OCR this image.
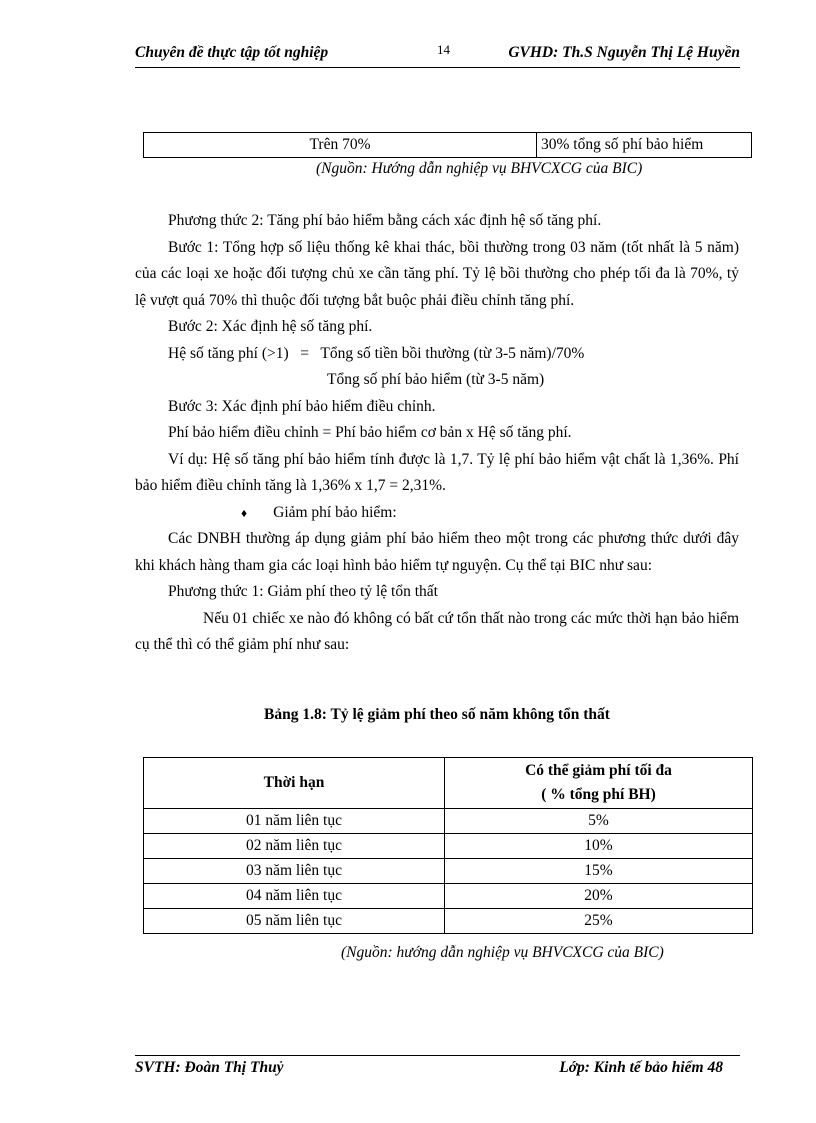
Chuyên đề thực tập tốt nghiệp	14	GVHD: Th.S Nguyễn Thị Lệ Huyền
Trên 70%	30% tổng số phí bảo hiểm
(Nguồn: Hướng dẫn nghiệp vụ BHVCXCG của BIC)

Phương thức 2: Tăng phí bảo hiểm bằng cách xác định hệ số tăng phí.

Bước 1: Tổng hợp số liệu thống kê khai thác, bồi thường trong 03 năm (tốt nhất là 5 năm) của các loại xe hoặc đối tượng chủ xe cần tăng phí. Tỷ lệ bồi thường cho phép tối đa là 70%, tỷ lệ vượt quá 70% thì thuộc đối tượng bắt buộc phải điều chỉnh tăng phí.

Bước 2: Xác định hệ số tăng phí.

Hệ số tăng phí (>1)   =   Tổng số tiền bồi thường (từ 3-5 năm)/70%

Tổng số phí bảo hiểm (từ 3-5 năm)

Bước 3: Xác định phí bảo hiểm điều chỉnh.

Phí bảo hiểm điều chỉnh = Phí bảo hiểm cơ bản x Hệ số tăng phí.

Ví dụ: Hệ số tăng phí bảo hiểm tính được là 1,7. Tỷ lệ phí bảo hiểm vật chất là 1,36%. Phí bảo hiểm điều chỉnh tăng là 1,36% x 1,7 = 2,31%.

♦ Giảm phí bảo hiểm:

Các DNBH thường áp dụng giảm phí bảo hiểm theo một trong các phương thức dưới đây khi khách hàng tham gia các loại hình bảo hiểm tự nguyện. Cụ thể tại BIC như sau:

Phương thức 1: Giảm phí theo tỷ lệ tổn thất

Nếu 01 chiếc xe nào đó không có bất cứ tổn thất nào trong các mức thời hạn bảo hiểm cụ thể thì có thể giảm phí như sau:

Bảng 1.8: Tỷ lệ giảm phí theo số năm không tổn thất
Thời hạn	Có thể giảm phí tối đa
( % tổng phí BH)

01 năm liên tục	5%
02 năm liên tục	10%
03 năm liên tục	15%
04 năm liên tục	20%
05 năm liên tục	25%
(Nguồn: hướng dẫn nghiệp vụ BHVCXCG của BIC)
SVTH: Đoàn Thị Thuỷ	Lớp: Kinh tế bảo hiểm 48
